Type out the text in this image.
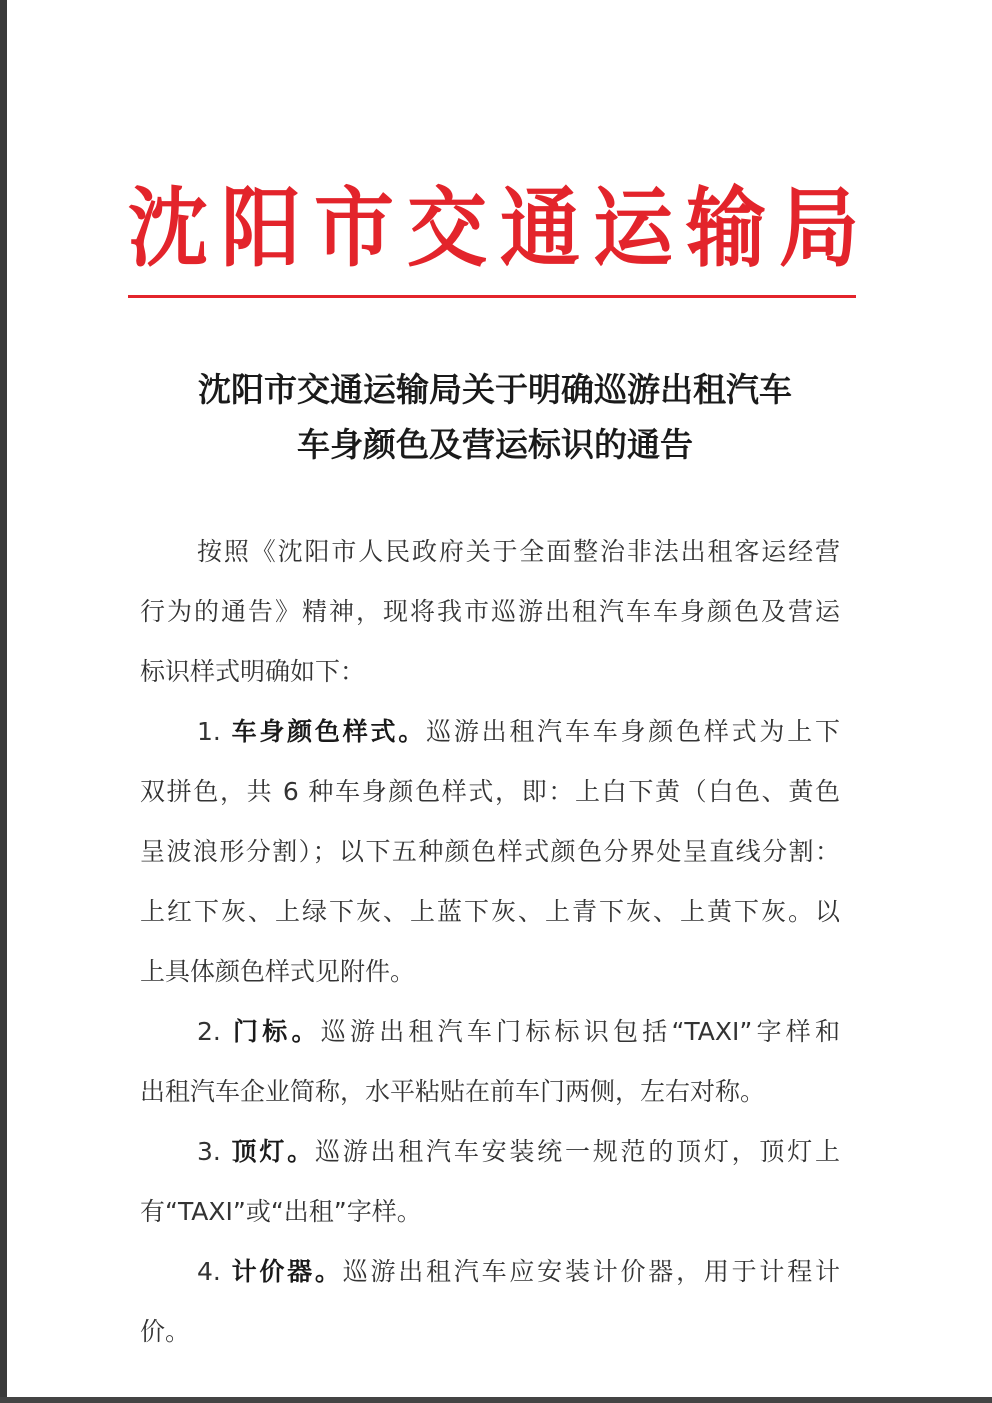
沈阳市交通运输局
沈阳市交通运输局关于明确巡游出租汽车
车身颜色及营运标识的通告
按照《沈阳市人民政府关于全面整治非法出租客运经营
行为的通告》精神，现将我市巡游出租汽车车身颜色及营运
标识样式明确如下：
1. 车身颜色样式。巡游出租汽车车身颜色样式为上下
双拼色，共 6 种车身颜色样式，即：上白下黄（白色、黄色
呈波浪形分割）；以下五种颜色样式颜色分界处呈直线分割：
上红下灰、上绿下灰、上蓝下灰、上青下灰、上黄下灰。以
上具体颜色样式见附件。
2. 门标。巡游出租汽车门标标识包括“TAXI”字样和
出租汽车企业简称，水平粘贴在前车门两侧，左右对称。
3. 顶灯。巡游出租汽车安装统一规范的顶灯，顶灯上
有“TAXI”或“出租”字样。
4. 计价器。巡游出租汽车应安装计价器，用于计程计
价。
